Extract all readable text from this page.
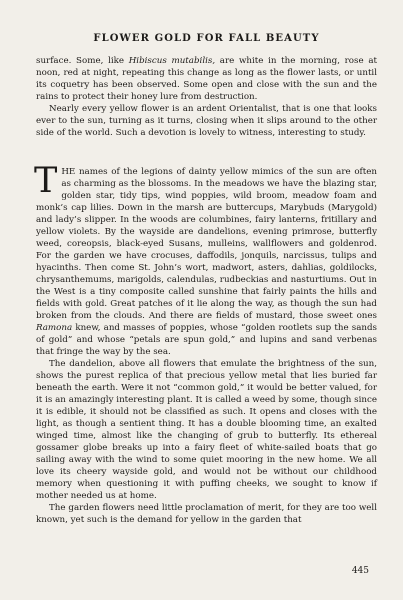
FLOWER GOLD FOR FALL BEAUTY

surface. Some, like Hibiscus mutabilis, are white in the morning, rose at noon, red at night, repeating this change as long as the flower lasts, or until its coquetry has been observed. Some open and close with the sun and the rains to protect their honey lure from destruction.

Nearly every yellow flower is an ardent Orientalist, that is one that looks ever to the sun, turning as it turns, closing when it slips around to the other side of the world. Such a devotion is lovely to witness, interesting to study.

THE names of the legions of dainty yellow mimics of the sun are often as charming as the blossoms. In the meadows we have the blazing star, golden star, tidy tips, wind poppies, wild broom, meadow foam and monk’s cap lilies. Down in the marsh are buttercups, Marybuds (Marygold) and lady’s slipper. In the woods are columbines, fairy lanterns, fritillary and yellow violets. By the wayside are dandelions, evening primrose, butterfly weed, coreopsis, black-eyed Susans, mulleins, wallflowers and goldenrod. For the garden we have crocuses, daffodils, jonquils, narcissus, tulips and hyacinths. Then come St. John’s wort, madwort, asters, dahlias, goldilocks, chrysanthemums, marigolds, calendulas, rudbeckias and nasturtiums. Out in the West is a tiny composite called sunshine that fairly paints the hills and fields with gold. Great patches of it lie along the way, as though the sun had broken from the clouds. And there are fields of mustard, those sweet ones Ramona knew, and masses of poppies, whose “golden rootlets sup the sands of gold” and whose “petals are spun gold,” and lupins and sand verbenas that fringe the way by the sea.

The dandelion, above all flowers that emulate the brightness of the sun, shows the purest replica of that precious yellow metal that lies buried far beneath the earth. Were it not “common gold,” it would be better valued, for it is an amazingly interesting plant. It is called a weed by some, though since it is edible, it should not be classified as such. It opens and closes with the light, as though a sentient thing. It has a double blooming time, an exalted winged time, almost like the changing of grub to butterfly. Its ethereal gossamer globe breaks up into a fairy fleet of white-sailed boats that go sailing away with the wind to some quiet mooring in the new home. We all love its cheery wayside gold, and would not be without our childhood memory when questioning it with puffing cheeks, we sought to know if mother needed us at home.

The garden flowers need little proclamation of merit, for they are too well known, yet such is the demand for yellow in the garden that

445
